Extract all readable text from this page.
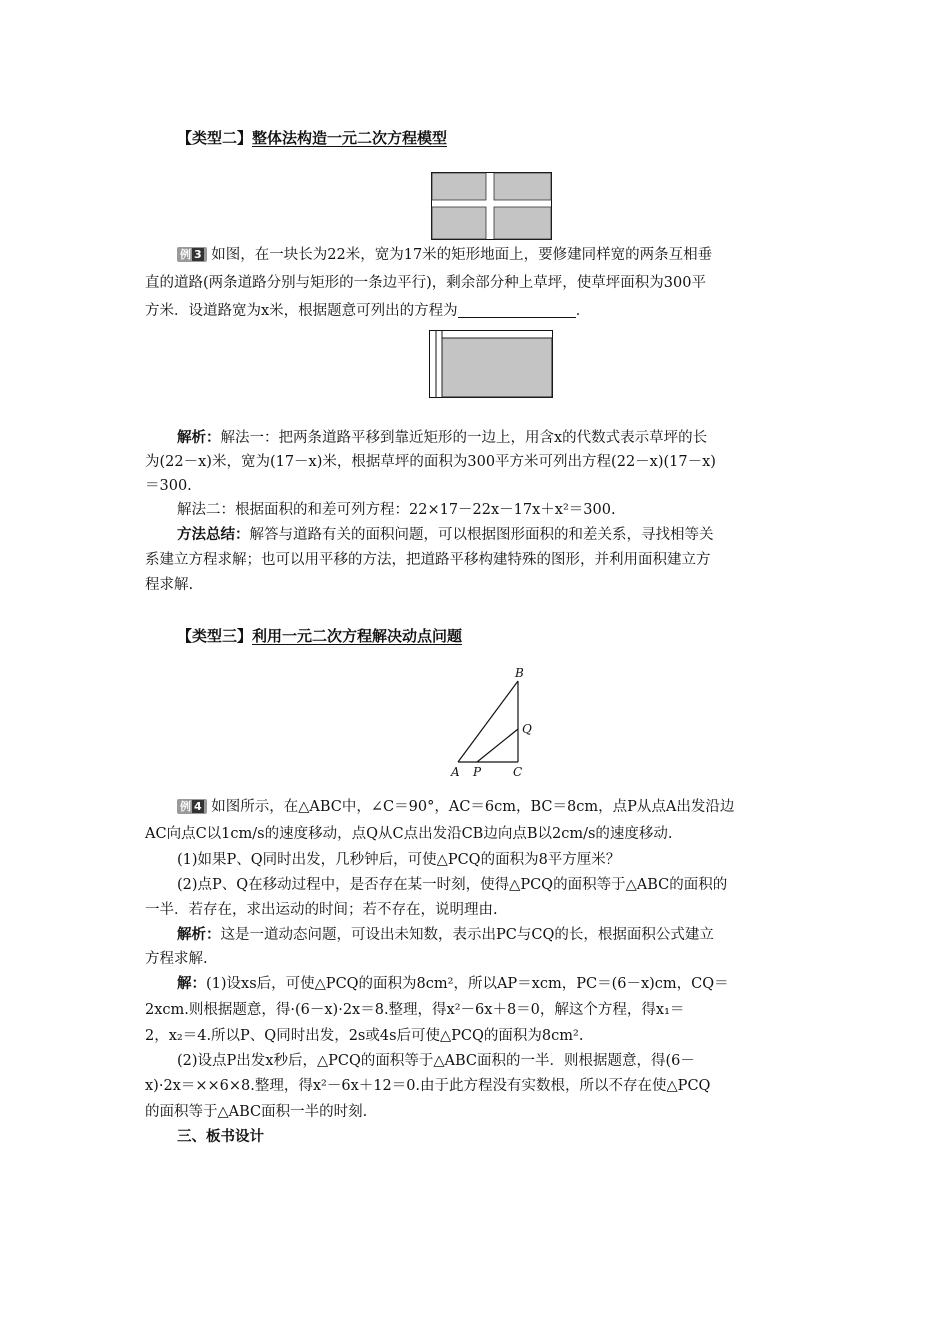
【类型二】整体法构造一元二次方程模型
例 3 如图，在一块长为22米，宽为17米的矩形地面上，要修建同样宽的两条互相垂
直的道路(两条道路分别与矩形的一条边平行)，剩余部分种上草坪，使草坪面积为300平
方米．设道路宽为x米，根据题意可列出的方程为	．
解析：解法一：把两条道路平移到靠近矩形的一边上，用含x的代数式表示草坪的长
为(22－x)米，宽为(17－x)米，根据草坪的面积为300平方米可列出方程(22－x)(17－x)
＝300.
解法二：根据面积的和差可列方程：22×17－22x－17x＋x²＝300.
方法总结：解答与道路有关的面积问题，可以根据图形面积的和差关系，寻找相等关
系建立方程求解；也可以用平移的方法，把道路平移构建特殊的图形，并利用面积建立方
程求解.
【类型三】利用一元二次方程解决动点问题
B
Q
A P	C
例 4 如图所示，在△ABC中，∠C＝90°，AC＝6cm，BC＝8cm，点P从点A出发沿边
AC向点C以1cm/s的速度移动，点Q从C点出发沿CB边向点B以2cm/s的速度移动.
(1)如果P、Q同时出发，几秒钟后，可使△PCQ的面积为8平方厘米？
(2)点P、Q在移动过程中，是否存在某一时刻，使得△PCQ的面积等于△ABC的面积的
一半．若存在，求出运动的时间；若不存在，说明理由.
解析：这是一道动态问题，可设出未知数，表示出PC与CQ的长，根据面积公式建立
方程求解.
解：(1)设xs后，可使△PCQ的面积为8cm²，所以AP＝xcm，PC＝(6－x)cm，CQ＝
2xcm.则根据题意，得·(6－x)·2x＝8.整理，得x²－6x＋8＝0，解这个方程，得x₁＝
2，x₂＝4.所以P、Q同时出发，2s或4s后可使△PCQ的面积为8cm².
(2)设点P出发x秒后，△PCQ的面积等于△ABC面积的一半．则根据题意，得(6－
x)·2x＝××6×8.整理，得x²－6x＋12＝0.由于此方程没有实数根，所以不存在使△PCQ
的面积等于△ABC面积一半的时刻.
三、板书设计
